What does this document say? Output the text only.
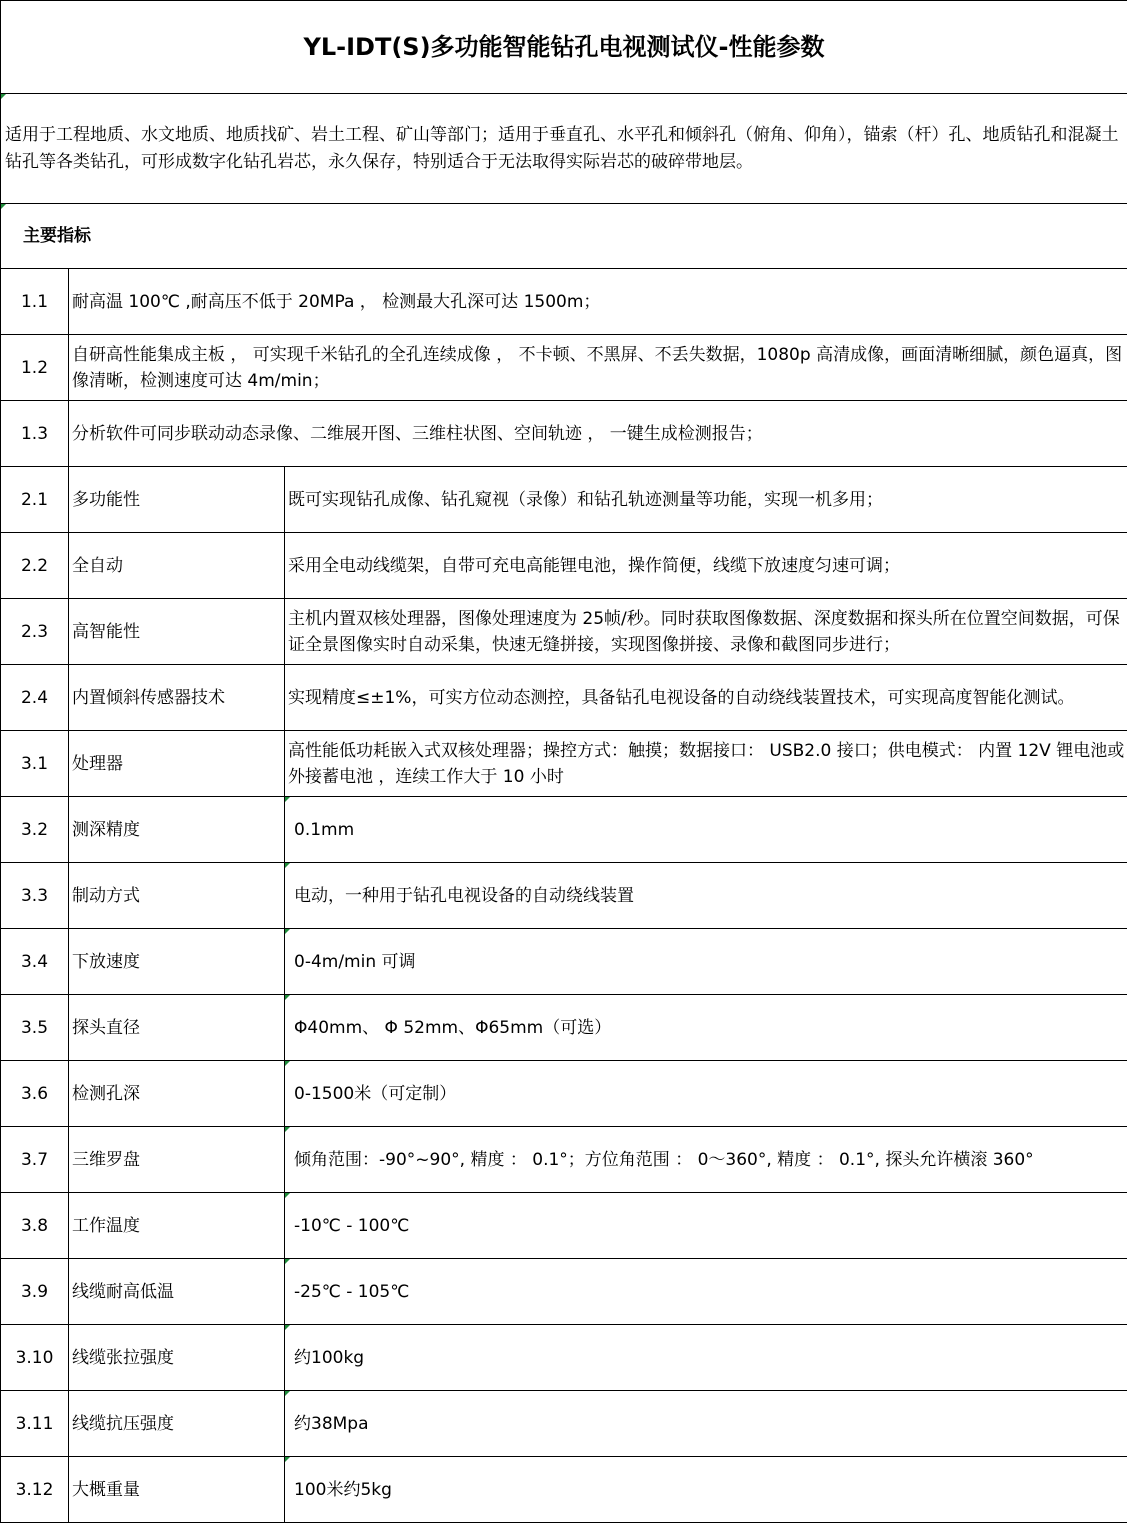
YL-IDT(S)多功能智能钻孔电视测试仪-性能参数		
适用于工程地质、水文地质、地质找矿、岩土工程、矿山等部门；适用于垂直孔、水平孔和倾斜孔（俯角、仰角），锚索（杆）孔、地质钻孔和混凝土钻孔等各类钻孔，可形成数字化钻孔岩芯，永久保存，特别适合于无法取得实际岩芯的破碎带地层。		
主要指标		
1.1	耐高温 100℃ ,耐高压不低于 20MPa ， 检测最大孔深可达 1500m；	
1.2	自研高性能集成主板 ， 可实现千米钻孔的全孔连续成像 ， 不卡顿、不黑屏、不丢失数据，1080p 高清成像，画面清晰细腻，颜色逼真，图像清晰，检测速度可达 4m/min；	
1.3	分析软件可同步联动动态录像、二维展开图、三维柱状图、空间轨迹 ， 一键生成检测报告；	
2.1	多功能性	既可实现钻孔成像、钻孔窥视（录像）和钻孔轨迹测量等功能，实现一机多用；
2.2	全自动	采用全电动线缆架，自带可充电高能锂电池，操作简便，线缆下放速度匀速可调；
2.3	高智能性	主机内置双核处理器，图像处理速度为 25帧/秒。同时获取图像数据、深度数据和探头所在位置空间数据，可保证全景图像实时自动采集，快速无缝拼接，实现图像拼接、录像和截图同步进行；
2.4	内置倾斜传感器技术	实现精度≤±1%，可实方位动态测控，具备钻孔电视设备的自动绕线装置技术，可实现高度智能化测试。
3.1	处理器	高性能低功耗嵌入式双核处理器；操控方式：触摸；数据接口： USB2.0 接口；供电模式： 内置 12V 锂电池或外接蓄电池 ，连续工作大于 10 小时
3.2	测深精度	0.1mm
3.3	制动方式	电动，一种用于钻孔电视设备的自动绕线装置
3.4	下放速度	0-4m/min 可调
3.5	探头直径	Φ40mm、 Φ 52mm、Φ65mm（可选）
3.6	检测孔深	0-1500米（可定制）
3.7	三维罗盘	倾角范围：-90°~90°, 精度 ： 0.1°；方位角范围 ： 0～360°, 精度 ： 0.1°, 探头允许横滚 360°
3.8	工作温度	-10℃ - 100℃
3.9	线缆耐高低温	-25℃ - 105℃
3.10	线缆张拉强度	约100kg
3.11	线缆抗压强度	约38Mpa
3.12	大概重量	100米约5kg
